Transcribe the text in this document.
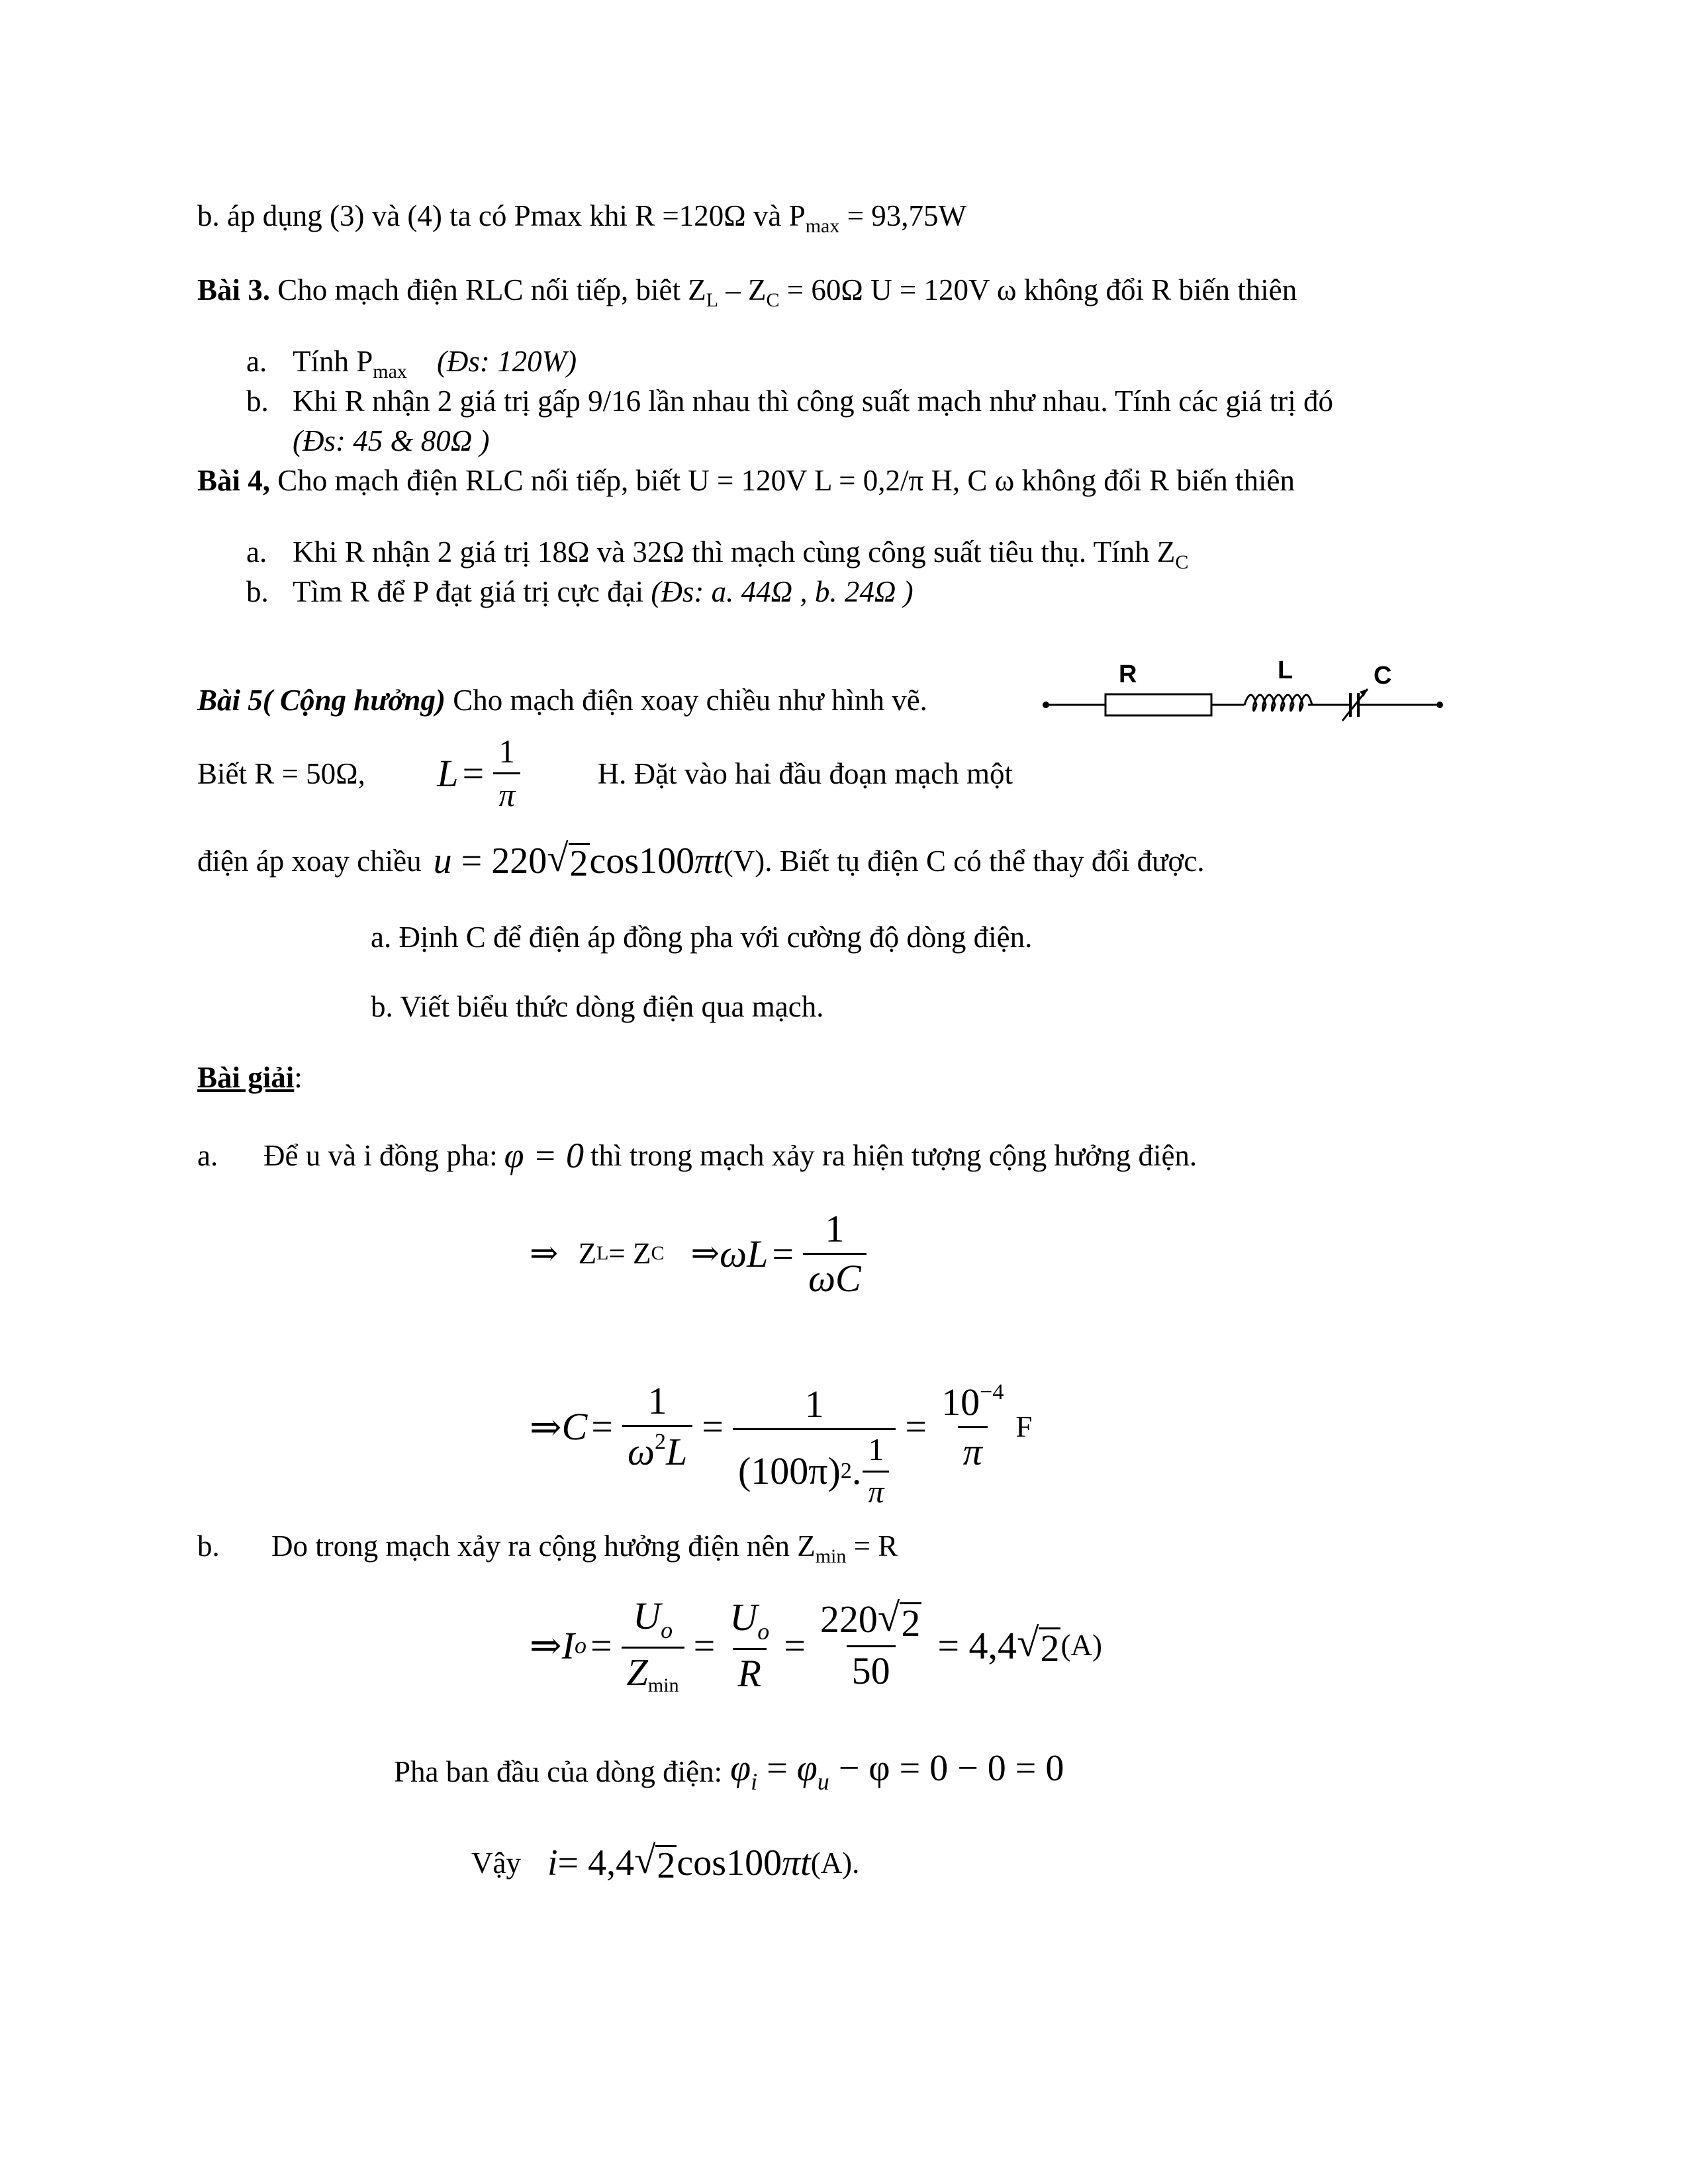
b. áp dụng (3) và (4) ta có Pmax khi R =120Ω và $P_{max} = 93,75W$
Bài 3. Cho mạch điện RLC nối tiếp, biêt $Z_L - Z_C = 60\Omega$ U = 120V ω không đổi R biến thiên
a. Tính $P_{max}$ (Đs: 120W)
b. Khi R nhận 2 giá trị gấp 9/16 lần nhau thì công suất mạch như nhau. Tính các giá trị đó
(Đs: 45 & 80Ω )
Bài 4, Cho mạch điện RLC nối tiếp, biết U = 120V L = 0,2/π H, C ω không đổi R biến thiên
a. Khi R nhận 2 giá trị 18Ω và 32Ω thì mạch cùng công suất tiêu thụ. Tính $Z_C$
b. Tìm R để P đạt giá trị cực đại (Đs: a. 44Ω , b. 24Ω )
Bài 5( Cộng hưởng) Cho mạch điện xoay chiều như hình vẽ.
R	L	C
Biết R = 50Ω, $L = \frac{1}{\pi}$	H. Đặt vào hai đầu đoạn mạch một
điện áp xoay chiều u
= 220 √ 2 cos100 πt (V). Biết tụ điện C có thể thay đổi được.
a. Định C để điện áp đồng pha với cường độ dòng điện.
b. Viết biểu thức dòng điện qua mạch.
Bài giải:
a.	Để u và i đồng pha: φ = 0 thì trong mạch xảy ra hiện tượng cộng hưởng điện.
⇒ Z L = Z C ⇒ $\omega L = \frac{1}{\omega C}$
⇒ $C = \frac{1}{\omega^2L} = \frac{1}{(100\pi) 2 . \frac{1}{\pi}} = \frac{10^{-4}}{\pi}$ F
b. Do trong mạch xảy ra cộng hưởng điện nên $Z_{min} = R$
⇒ I $o = \frac{U_o}{Z_{min}} = \frac{U_o}{R} = \frac{220 √ 2}{50} = 4,4$ √ 2 (A)
Pha ban đầu của dòng điện: $\varphi_i = \varphi_u - \varphi = 0 - 0 = 0$
Vậy i = 4,4 √ 2 cos100 πt (A).
